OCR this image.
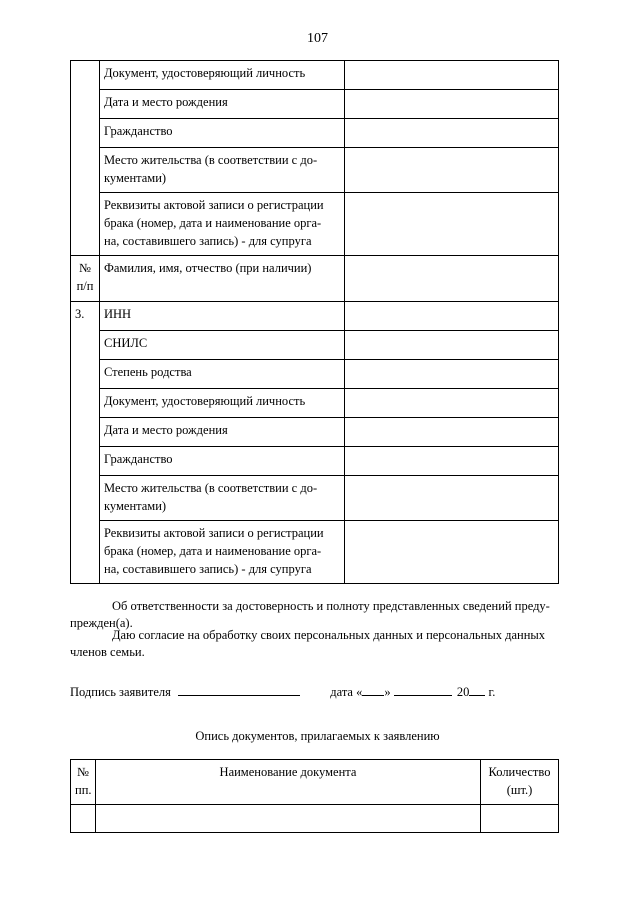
107
	Документ, удостоверяющий личность	
	Дата и место рождения	
	Гражданство	
	Место жительства (в соответствии с до-
кументами)	
	Реквизиты актовой записи о регистрации
брака (номер, дата и наименование орга-
на, составившего запись) - для супруга	
№
п/п	Фамилия, имя, отчество (при наличии)	
3.	ИНН	
	СНИЛС	
	Степень родства	
	Документ, удостоверяющий личность	
	Дата и место рождения	
	Гражданство	
	Место жительства (в соответствии с до-
кументами)	
	Реквизиты актовой записи о регистрации
брака (номер, дата и наименование орга-
на, составившего запись) - для супруга	
Об ответственности за достоверность и полноту представленных сведений преду-
прежден(а).
Даю согласие на обработку своих персональных данных и персональных данных
членов семьи.
Подпись заявителя	дата « »	20 г.
Опись документов, прилагаемых к заявлению
№
пп.	Наименование документа	Количество
(шт.)
